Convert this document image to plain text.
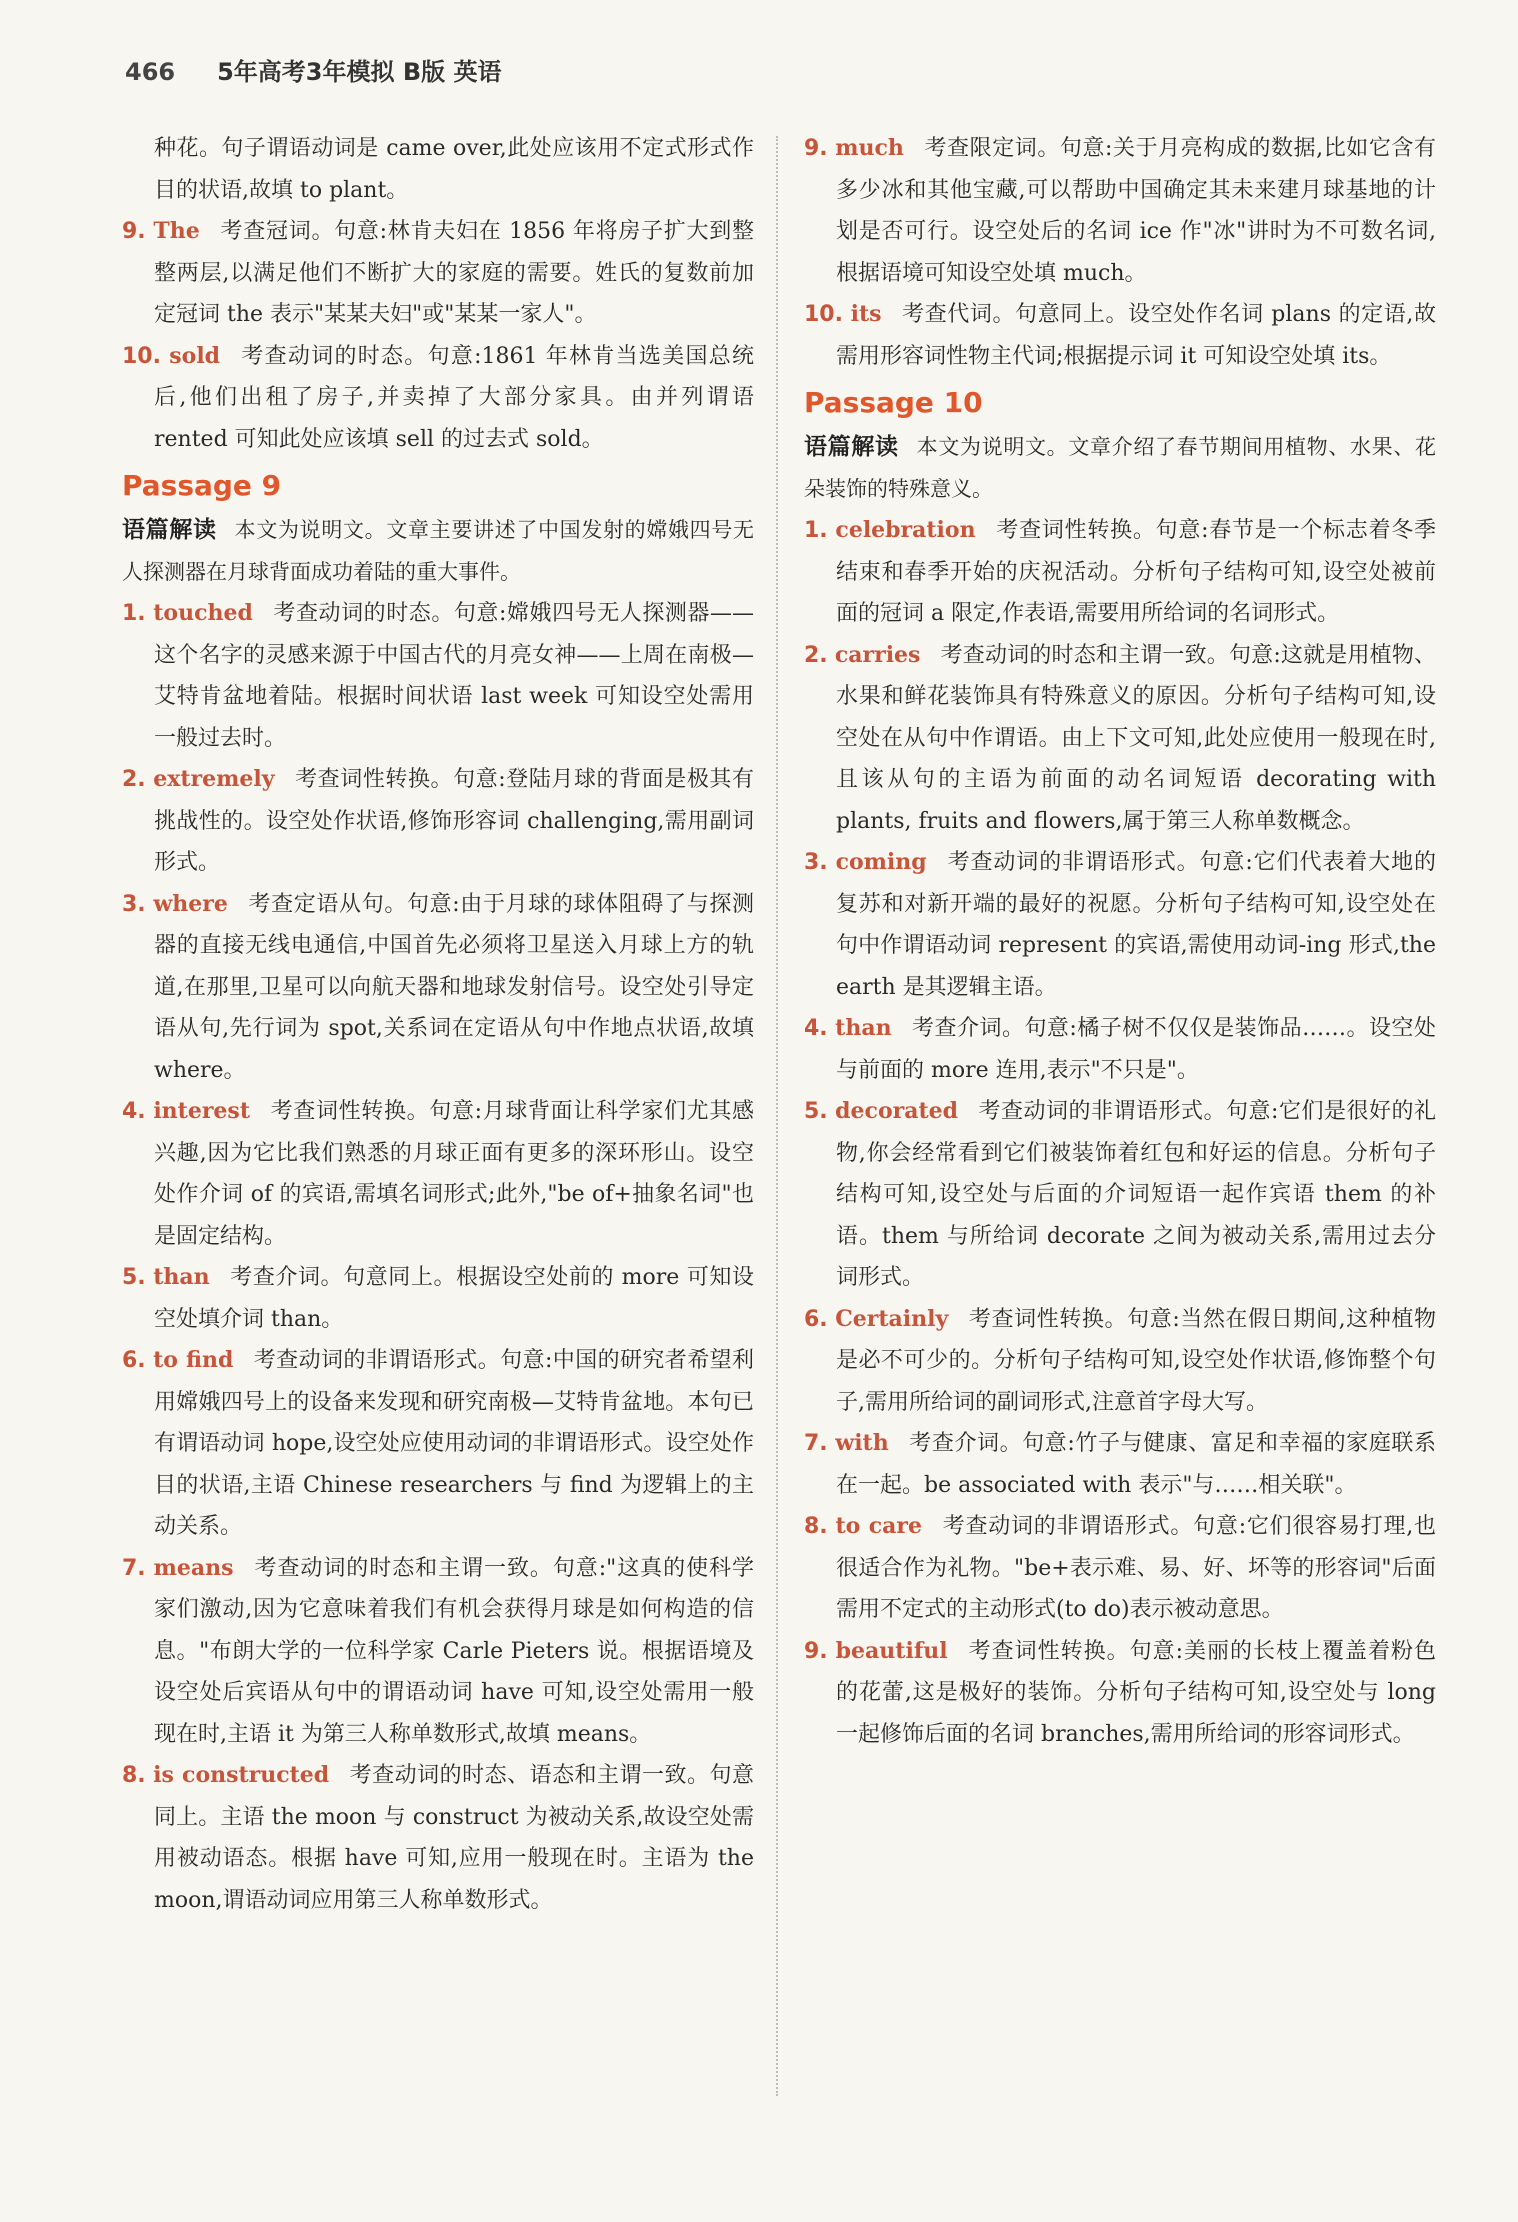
466 5年高考3年模拟 B版 英语
种花。句子谓语动词是 came over,此处应该用不定式形式作目的状语,故填 to plant。
9. The 考查冠词。句意:林肯夫妇在 1856 年将房子扩大到整整两层,以满足他们不断扩大的家庭的需要。姓氏的复数前加定冠词 the 表示"某某夫妇"或"某某一家人"。
10. sold 考查动词的时态。句意:1861 年林肯当选美国总统后,他们出租了房子,并卖掉了大部分家具。由并列谓语 rented 可知此处应该填 sell 的过去式 sold。
Passage 9
语篇解读 本文为说明文。文章主要讲述了中国发射的嫦娥四号无人探测器在月球背面成功着陆的重大事件。
1. touched 考查动词的时态。句意:嫦娥四号无人探测器——这个名字的灵感来源于中国古代的月亮女神——上周在南极—艾特肯盆地着陆。根据时间状语 last week 可知设空处需用一般过去时。
2. extremely 考查词性转换。句意:登陆月球的背面是极其有挑战性的。设空处作状语,修饰形容词 challenging,需用副词形式。
3. where 考查定语从句。句意:由于月球的球体阻碍了与探测器的直接无线电通信,中国首先必须将卫星送入月球上方的轨道,在那里,卫星可以向航天器和地球发射信号。设空处引导定语从句,先行词为 spot,关系词在定语从句中作地点状语,故填 where。
4. interest 考查词性转换。句意:月球背面让科学家们尤其感兴趣,因为它比我们熟悉的月球正面有更多的深环形山。设空处作介词 of 的宾语,需填名词形式;此外,"be of+抽象名词"也是固定结构。
5. than 考查介词。句意同上。根据设空处前的 more 可知设空处填介词 than。
6. to find 考查动词的非谓语形式。句意:中国的研究者希望利用嫦娥四号上的设备来发现和研究南极—艾特肯盆地。本句已有谓语动词 hope,设空处应使用动词的非谓语形式。设空处作目的状语,主语 Chinese researchers 与 find 为逻辑上的主动关系。
7. means 考查动词的时态和主谓一致。句意:"这真的使科学家们激动,因为它意味着我们有机会获得月球是如何构造的信息。"布朗大学的一位科学家 Carle Pieters 说。根据语境及设空处后宾语从句中的谓语动词 have 可知,设空处需用一般现在时,主语 it 为第三人称单数形式,故填 means。
8. is constructed 考查动词的时态、语态和主谓一致。句意同上。主语 the moon 与 construct 为被动关系,故设空处需用被动语态。根据 have 可知,应用一般现在时。主语为 the moon,谓语动词应用第三人称单数形式。
9. much 考查限定词。句意:关于月亮构成的数据,比如它含有多少冰和其他宝藏,可以帮助中国确定其未来建月球基地的计划是否可行。设空处后的名词 ice 作"冰"讲时为不可数名词,根据语境可知设空处填 much。
10. its 考查代词。句意同上。设空处作名词 plans 的定语,故需用形容词性物主代词;根据提示词 it 可知设空处填 its。
Passage 10
语篇解读 本文为说明文。文章介绍了春节期间用植物、水果、花朵装饰的特殊意义。
1. celebration 考查词性转换。句意:春节是一个标志着冬季结束和春季开始的庆祝活动。分析句子结构可知,设空处被前面的冠词 a 限定,作表语,需要用所给词的名词形式。
2. carries 考查动词的时态和主谓一致。句意:这就是用植物、水果和鲜花装饰具有特殊意义的原因。分析句子结构可知,设空处在从句中作谓语。由上下文可知,此处应使用一般现在时,且该从句的主语为前面的动名词短语 decorating with plants, fruits and flowers,属于第三人称单数概念。
3. coming 考查动词的非谓语形式。句意:它们代表着大地的复苏和对新开端的最好的祝愿。分析句子结构可知,设空处在句中作谓语动词 represent 的宾语,需使用动词-ing 形式,the earth 是其逻辑主语。
4. than 考查介词。句意:橘子树不仅仅是装饰品……。设空处与前面的 more 连用,表示"不只是"。
5. decorated 考查动词的非谓语形式。句意:它们是很好的礼物,你会经常看到它们被装饰着红包和好运的信息。分析句子结构可知,设空处与后面的介词短语一起作宾语 them 的补语。them 与所给词 decorate 之间为被动关系,需用过去分词形式。
6. Certainly 考查词性转换。句意:当然在假日期间,这种植物是必不可少的。分析句子结构可知,设空处作状语,修饰整个句子,需用所给词的副词形式,注意首字母大写。
7. with 考查介词。句意:竹子与健康、富足和幸福的家庭联系在一起。be associated with 表示"与……相关联"。
8. to care 考查动词的非谓语形式。句意:它们很容易打理,也很适合作为礼物。"be+表示难、易、好、坏等的形容词"后面需用不定式的主动形式(to do)表示被动意思。
9. beautiful 考查词性转换。句意:美丽的长枝上覆盖着粉色的花蕾,这是极好的装饰。分析句子结构可知,设空处与 long 一起修饰后面的名词 branches,需用所给词的形容词形式。
